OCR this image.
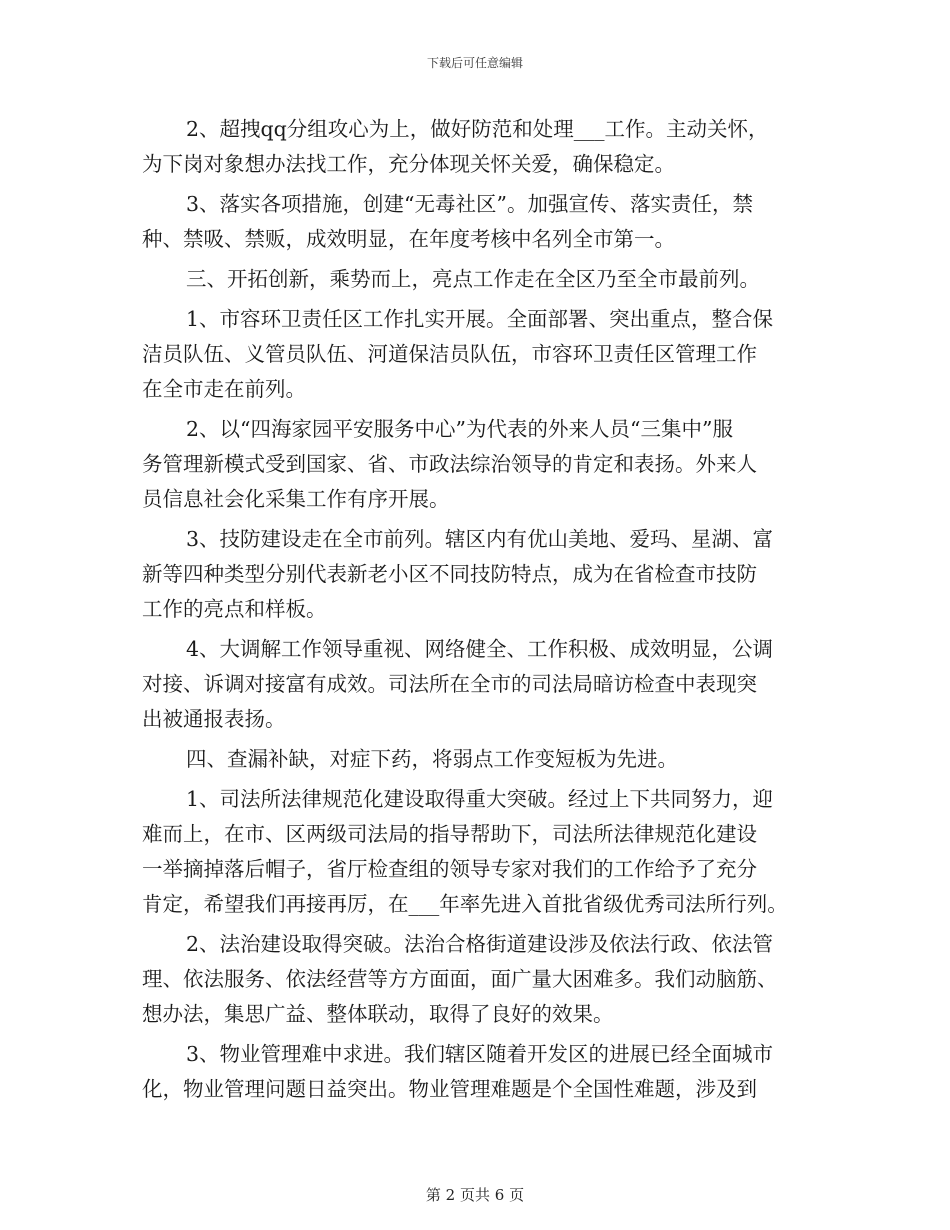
下载后可任意编辑

2、超拽qq分组攻心为上，做好防范和处理___工作。主动关怀，
为下岗对象想办法找工作，充分体现关怀关爱，确保稳定。

3、落实各项措施，创建“无毒社区”。加强宣传、落实责任，禁
种、禁吸、禁贩，成效明显，在年度考核中名列全市第一。

三、开拓创新，乘势而上，亮点工作走在全区乃至全市最前列。

1、市容环卫责任区工作扎实开展。全面部署、突出重点，整合保
洁员队伍、义管员队伍、河道保洁员队伍，市容环卫责任区管理工作
在全市走在前列。

2、以“四海家园平安服务中心”为代表的外来人员“三集中”服
务管理新模式受到国家、省、市政法综治领导的肯定和表扬。外来人
员信息社会化采集工作有序开展。

3、技防建设走在全市前列。辖区内有优山美地、爱玛、星湖、富
新等四种类型分别代表新老小区不同技防特点，成为在省检查市技防
工作的亮点和样板。

4、大调解工作领导重视、网络健全、工作积极、成效明显，公调
对接、诉调对接富有成效。司法所在全市的司法局暗访检查中表现突
出被通报表扬。

四、查漏补缺，对症下药，将弱点工作变短板为先进。

1、司法所法律规范化建设取得重大突破。经过上下共同努力，迎
难而上，在市、区两级司法局的指导帮助下，司法所法律规范化建设
一举摘掉落后帽子，省厅检查组的领导专家对我们的工作给予了充分
肯定，希望我们再接再厉，在___年率先进入首批省级优秀司法所行列。

2、法治建设取得突破。法治合格街道建设涉及依法行政、依法管
理、依法服务、依法经营等方方面面，面广量大困难多。我们动脑筋、
想办法，集思广益、整体联动，取得了良好的效果。

3、物业管理难中求进。我们辖区随着开发区的进展已经全面城市
化，物业管理问题日益突出。物业管理难题是个全国性难题，涉及到

第 2 页共 6 页
